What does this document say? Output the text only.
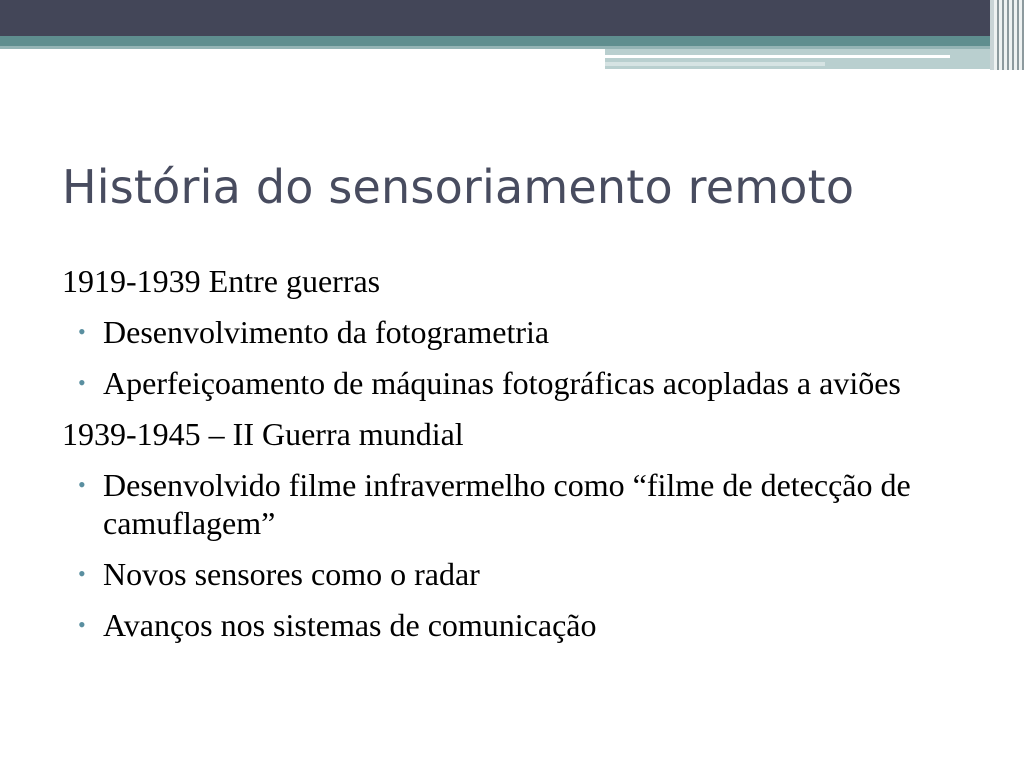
História do sensoriamento remoto

1919-1939 Entre guerras

• Desenvolvimento da fotogrametria
• Aperfeiçoamento de máquinas fotográficas acopladas a aviões

1939-1945 – II Guerra mundial

• Desenvolvido filme infravermelho como “filme de detecção de camuflagem”
• Novos sensores como o radar
• Avanços nos sistemas de comunicação
